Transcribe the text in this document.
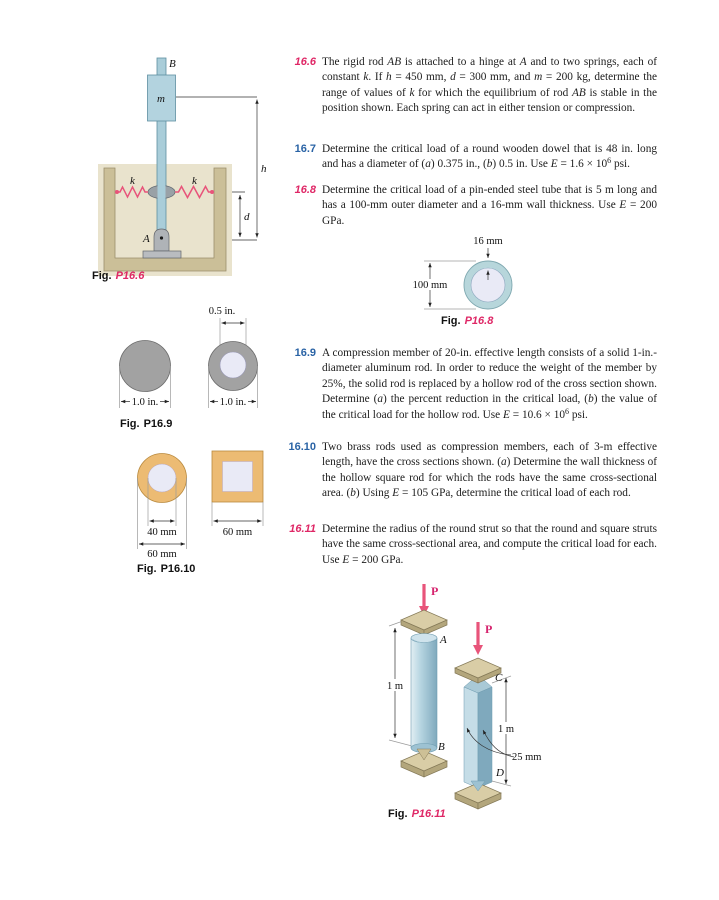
B
m
k	k
h
d
A
Fig. P16.6
0.5 in.
1.0 in.	1.0 in.
Fig. P16.9
40 mm
60 mm
60 mm
Fig. P16.10
100 mm
16 mm
Fig. P16.8
P
P
A
B
C
D
1 m
1 m
25 mm
Fig. P16.11
16.6 The rigid rod AB is attached to a hinge at A and to two springs, each of constant k. If h = 450 mm, d = 300 mm, and m = 200 kg, determine the range of values of k for which the equilibrium of rod AB is stable in the position shown. Each spring can act in either tension or compression.
16.7 Determine the critical load of a round wooden dowel that is 48 in. long and has a diameter of (a) 0.375 in., (b) 0.5 in. Use $E = 1.6 \times 10^6$ psi.
16.8 Determine the critical load of a pin-ended steel tube that is 5 m long and has a 100-mm outer diameter and a 16-mm wall thickness. Use E = 200 GPa.
16.9 A compression member of 20-in. effective length consists of a solid 1-in.-diameter aluminum rod. In order to reduce the weight of the member by 25%, the solid rod is replaced by a hollow rod of the cross section shown. Determine (a) the percent reduction in the critical load, (b) the value of the critical load for the hollow rod. Use $E = 10.6 \times 10^6$ psi.
16.10 Two brass rods used as compression members, each of 3-m effective length, have the cross sections shown. (a) Determine the wall thickness of the hollow square rod for which the rods have the same cross-sectional area. (b) Using E = 105 GPa, determine the critical load of each rod.
16.11 Determine the radius of the round strut so that the round and square struts have the same cross-sectional area, and compute the critical load for each. Use E = 200 GPa.
